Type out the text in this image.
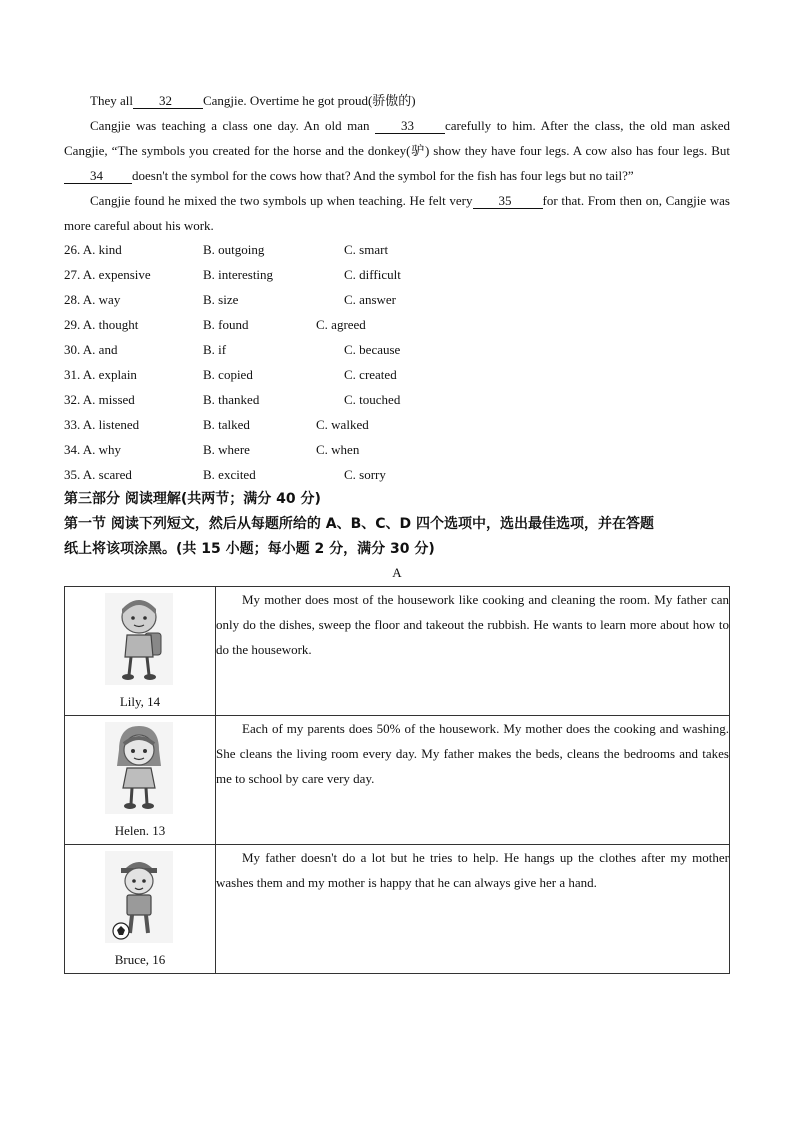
They all 32 Cangjie. Overtime he got proud(骄傲的)

Cangjie was teaching a class one day. An old man 33 carefully to him. After the class, the old man asked Cangjie, “The symbols you created for the horse and the donkey(驴) show they have four legs. A cow also has four legs. But 34 doesn't the symbol for the cows how that? And the symbol for the fish has four legs but no tail?”

Cangjie found he mixed the two symbols up when teaching. He felt very 35 for that. From then on, Cangjie was more careful about his work.

26. A. kind	B. outgoing	C. smart
27. A. expensive	B. interesting	C. difficult
28. A. way	B. size	C. answer
29. A. thought	B. found	C. agreed
30. A. and	B. if	C. because
31. A. explain	B. copied	C. created
32. A. missed	B. thanked	C. touched
33. A. listened	B. talked	C. walked
34. A. why	B. where	C. when
35. A. scared	B. excited	C. sorry

第三部分 阅读理解(共两节；满分 40 分)

第一节 阅读下列短文，然后从每题所给的 A、B、C、D 四个选项中，选出最佳选项，并在答题

纸上将该项涂黑。(共 15 小题；每小题 2 分，满分 30 分)

A
Lily, 14	My mother does most of the housework like cooking and cleaning the room. My father can only do the dishes, sweep the floor and takeout the rubbish. He wants to learn more about how to do the housework.

Helen. 13	Each of my parents does 50% of the housework. My mother does the cooking and washing. She cleans the living room every day. My father makes the beds, cleans the bedrooms and takes me to school by care very day.

Bruce, 16	My father doesn't do a lot but he tries to help. He hangs up the clothes after my mother washes them and my mother is happy that he can always give her a hand.
